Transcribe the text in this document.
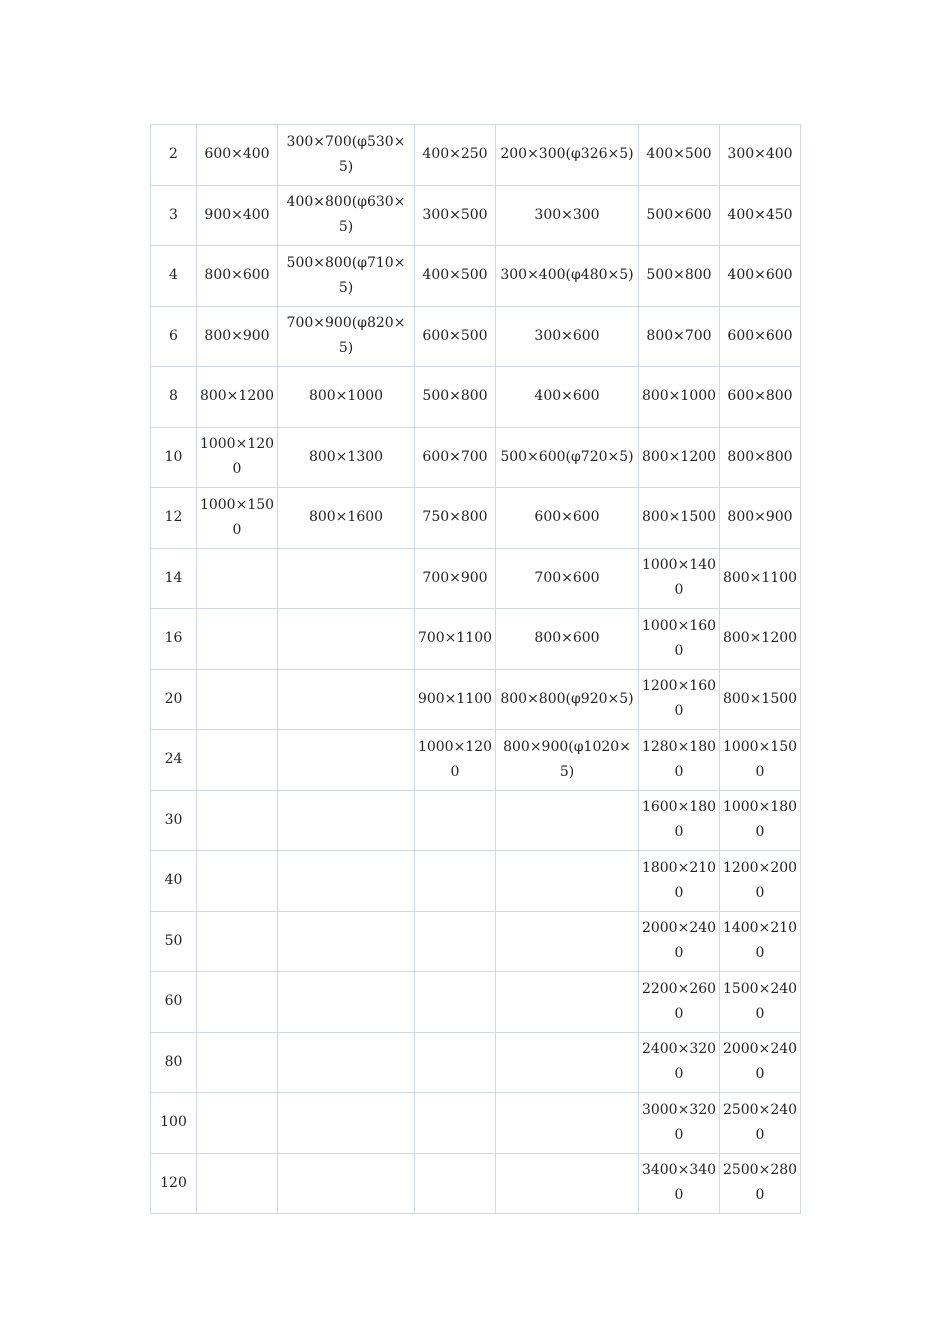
2	600×400	300×700(φ530×5)	400×250	200×300(φ326×5)	400×500	300×400
3	900×400	400×800(φ630×5)	300×500	300×300	500×600	400×450
4	800×600	500×800(φ710×5)	400×500	300×400(φ480×5)	500×800	400×600
6	800×900	700×900(φ820×5)	600×500	300×600	800×700	600×600
8	800×1200	800×1000	500×800	400×600	800×1000	600×800
10	1000×1200	800×1300	600×700	500×600(φ720×5)	800×1200	800×800
12	1000×1500	800×1600	750×800	600×600	800×1500	800×900
14			700×900	700×600	1000×1400	800×1100
16			700×1100	800×600	1000×1600	800×1200
20			900×1100	800×800(φ920×5)	1200×1600	800×1500
24			1000×1200	800×900(φ1020×5)	1280×1800	1000×1500
30					1600×1800	1000×1800
40					1800×2100	1200×2000
50					2000×2400	1400×2100
60					2200×2600	1500×2400
80					2400×3200	2000×2400
100					3000×3200	2500×2400
120					3400×3400	2500×2800
